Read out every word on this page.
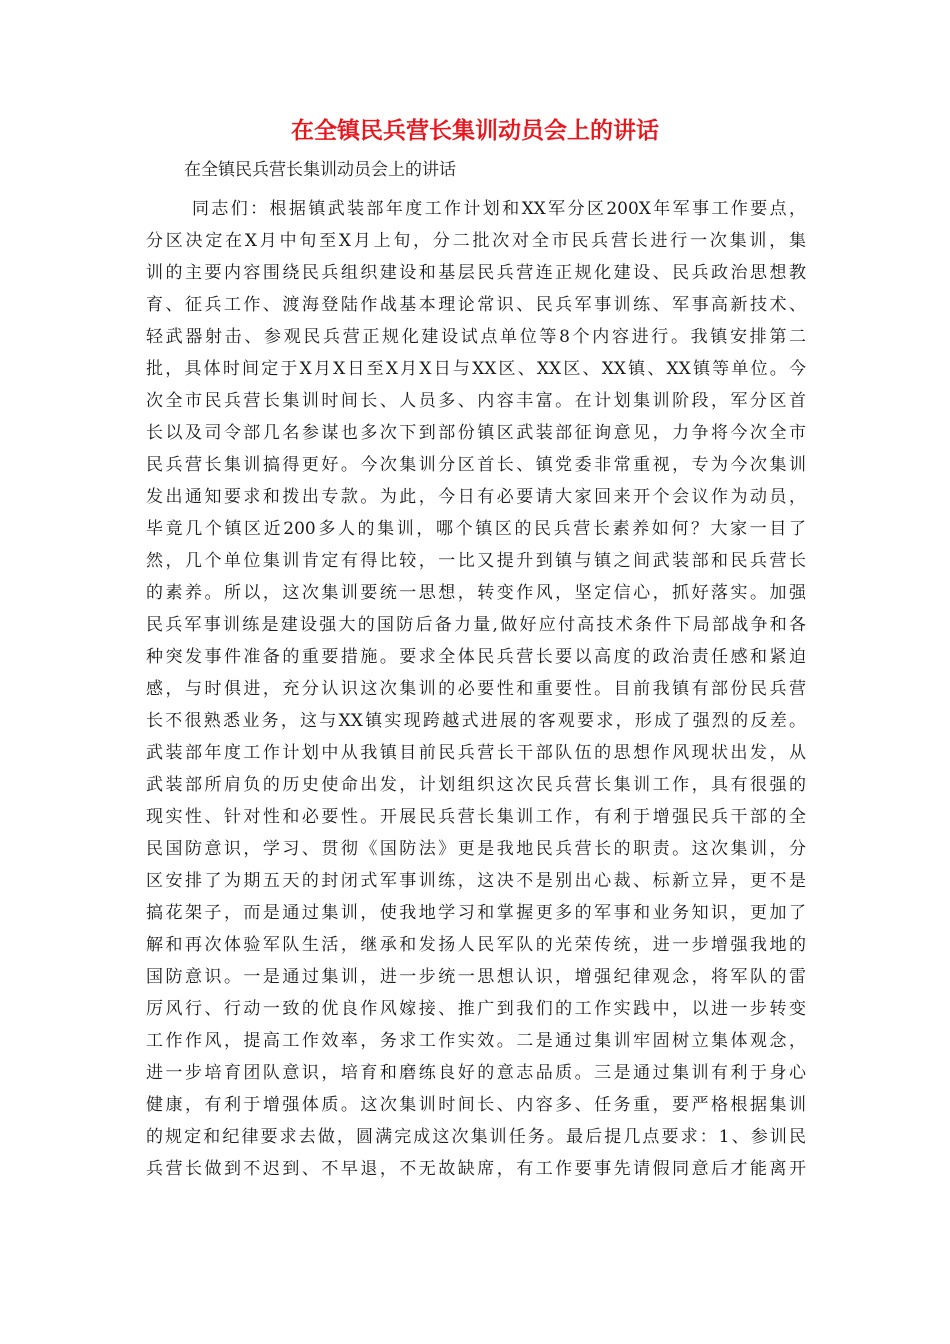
在全镇民兵营长集训动员会上的讲话

在全镇民兵营长集训动员会上的讲话

同志们：根据镇武装部年度工作计划和XX军分区200X年军事工作要点，
分区决定在X月中旬至X月上旬，分二批次对全市民兵营长进行一次集训，集
训的主要内容围绕民兵组织建设和基层民兵营连正规化建设、民兵政治思想教
育、征兵工作、渡海登陆作战基本理论常识、民兵军事训练、军事高新技术、
轻武器射击、参观民兵营正规化建设试点单位等8个内容进行。我镇安排第二
批，具体时间定于X月X日至X月X日与XX区、XX区、XX镇、XX镇等单位。今
次全市民兵营长集训时间长、人员多、内容丰富。在计划集训阶段，军分区首
长以及司令部几名参谋也多次下到部份镇区武装部征询意见，力争将今次全市
民兵营长集训搞得更好。今次集训分区首长、镇党委非常重视，专为今次集训
发出通知要求和拨出专款。为此，今日有必要请大家回来开个会议作为动员，
毕竟几个镇区近200多人的集训，哪个镇区的民兵营长素养如何？大家一目了
然，几个单位集训肯定有得比较，一比又提升到镇与镇之间武装部和民兵营长
的素养。所以，这次集训要统一思想，转变作风，坚定信心，抓好落实。加强
民兵军事训练是建设强大的国防后备力量,做好应付高技术条件下局部战争和各
种突发事件准备的重要措施。要求全体民兵营长要以高度的政治责任感和紧迫
感，与时俱进，充分认识这次集训的必要性和重要性。目前我镇有部份民兵营
长不很熟悉业务，这与XX镇实现跨越式进展的客观要求，形成了强烈的反差。
武装部年度工作计划中从我镇目前民兵营长干部队伍的思想作风现状出发，从
武装部所肩负的历史使命出发，计划组织这次民兵营长集训工作，具有很强的
现实性、针对性和必要性。开展民兵营长集训工作，有利于增强民兵干部的全
民国防意识，学习、贯彻《国防法》更是我地民兵营长的职责。这次集训，分
区安排了为期五天的封闭式军事训练，这决不是别出心裁、标新立异，更不是
搞花架子，而是通过集训，使我地学习和掌握更多的军事和业务知识，更加了
解和再次体验军队生活，继承和发扬人民军队的光荣传统，进一步增强我地的
国防意识。一是通过集训，进一步统一思想认识，增强纪律观念，将军队的雷
厉风行、行动一致的优良作风嫁接、推广到我们的工作实践中，以进一步转变
工作作风，提高工作效率，务求工作实效。二是通过集训牢固树立集体观念，
进一步培育团队意识，培育和磨练良好的意志品质。三是通过集训有利于身心
健康，有利于增强体质。这次集训时间长、内容多、任务重，要严格根据集训
的规定和纪律要求去做，圆满完成这次集训任务。最后提几点要求：1、参训民
兵营长做到不迟到、不早退，不无故缺席，有工作要事先请假同意后才能离开
